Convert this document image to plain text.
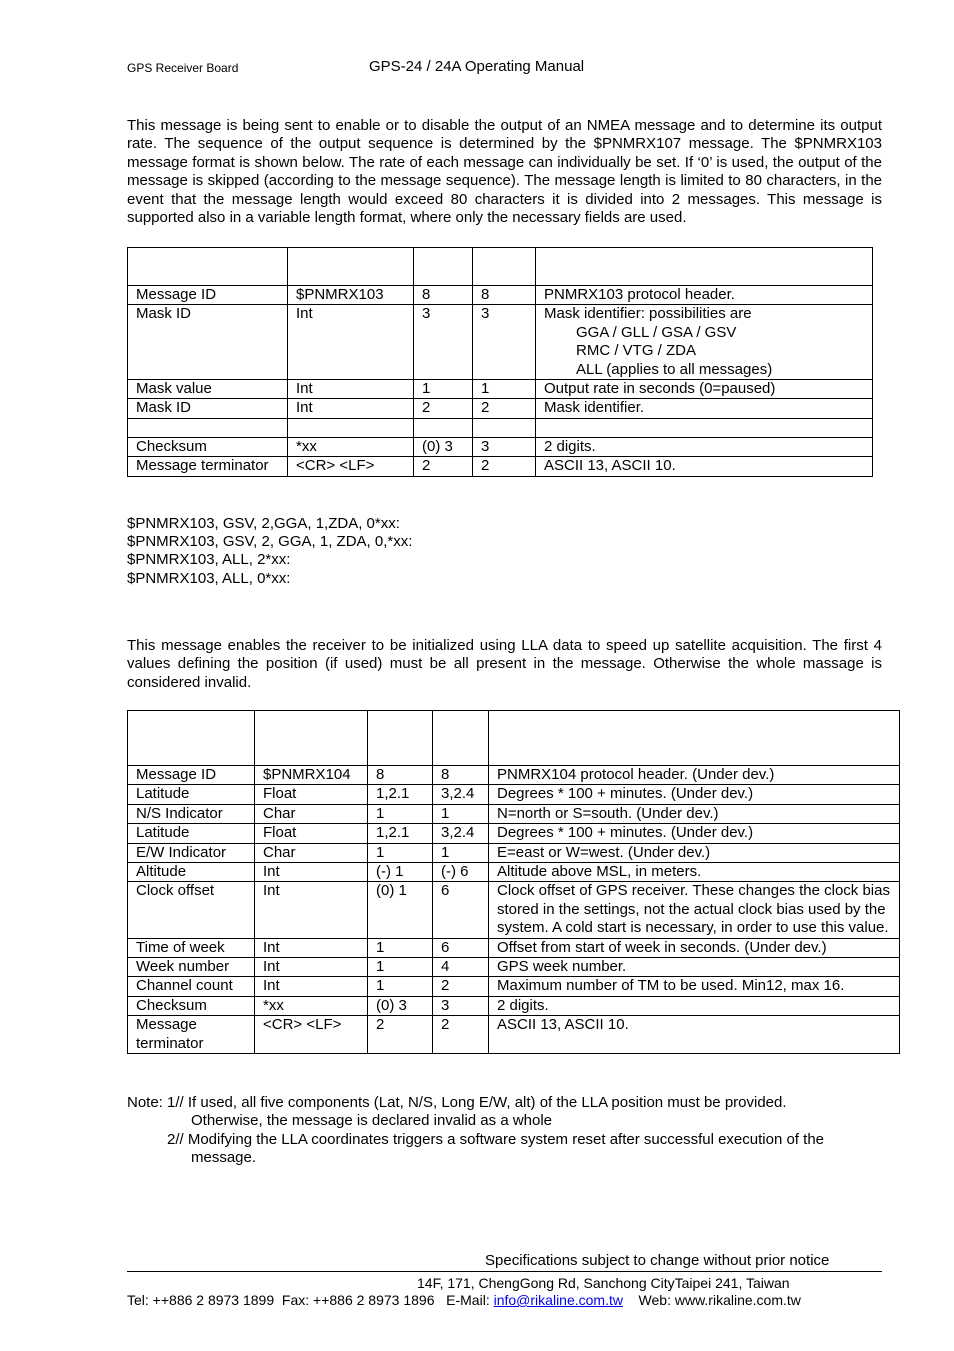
GPS Receiver Board	GPS-24 / 24A Operating Manual
This message is being sent to enable or to disable the output of an NMEA message and to determine its output rate. The sequence of the output sequence is determined by the $PNMRX107 message. The $PNMRX103 message format is shown below. The rate of each message can individually be set. If ‘0’ is used, the output of the message is skipped (according to the message sequence). The message length is limited to 80 characters, in the event that the message length would exceed 80 characters it is divided into 2 messages. This message is supported also in a variable length format, where only the necessary fields are used.

Message ID	$PNMRX103	8	8	PNMRX103 protocol header.
Mask ID	Int	3	3	Mask identifier: possibilities are
GGA / GLL / GSA / GSV
RMC / VTG / ZDA
ALL (applies to all messages)

Mask value	Int	1	1	Output rate in seconds (0=paused)
Mask ID	Int	2	2	Mask identifier.

Checksum	*xx	(0) 3	3	2 digits.
Message terminator	<CR> <LF>	2	2	ASCII 13, ASCII 10.
$PNMRX103, GSV, 2,GGA, 1,ZDA, 0*xx:
$PNMRX103, GSV, 2, GGA, 1, ZDA, 0,*xx:
$PNMRX103, ALL, 2*xx:
$PNMRX103, ALL, 0*xx:
This message enables the receiver to be initialized using LLA data to speed up satellite acquisition. The first 4 values defining the position (if used) must be all present in the message. Otherwise the whole massage is considered invalid.

Message ID	$PNMRX104	8	8	PNMRX104 protocol header. (Under dev.)
Latitude	Float	1,2.1	3,2.4	Degrees * 100 + minutes. (Under dev.)
N/S Indicator	Char	1	1	N=north or S=south. (Under dev.)
Latitude	Float	1,2.1	3,2.4	Degrees * 100 + minutes. (Under dev.)
E/W Indicator	Char	1	1	E=east or W=west. (Under dev.)
Altitude	Int	(-) 1	(-) 6	Altitude above MSL, in meters.
Clock offset	Int	(0) 1	6	Clock offset of GPS receiver. These changes the clock bias stored in the settings, not the actual clock bias used by the system. A cold start is necessary, in order to use this value.
Time of week	Int	1	6	Offset from start of week in seconds. (Under dev.)
Week number	Int	1	4	GPS week number.
Channel count	Int	1	2	Maximum number of TM to be used. Min12, max 16.
Checksum	*xx	(0) 3	3	2 digits.
Message terminator	<CR> <LF>	2	2	ASCII 13, ASCII 10.
Note: 1// If used, all five components (Lat, N/S, Long E/W, alt) of the LLA position must be provided.
Otherwise, the message is declared invalid as a whole
2// Modifying the LLA coordinates triggers a software system reset after successful execution of the
message.
Specifications subject to change without prior notice
14F, 171, ChengGong Rd, Sanchong CityTaipei 241, Taiwan
Tel: ++886 2 8973 1899  Fax: ++886 2 8973 1896   E-Mail: info@rikaline.com.tw Web: www.rikaline.com.tw
